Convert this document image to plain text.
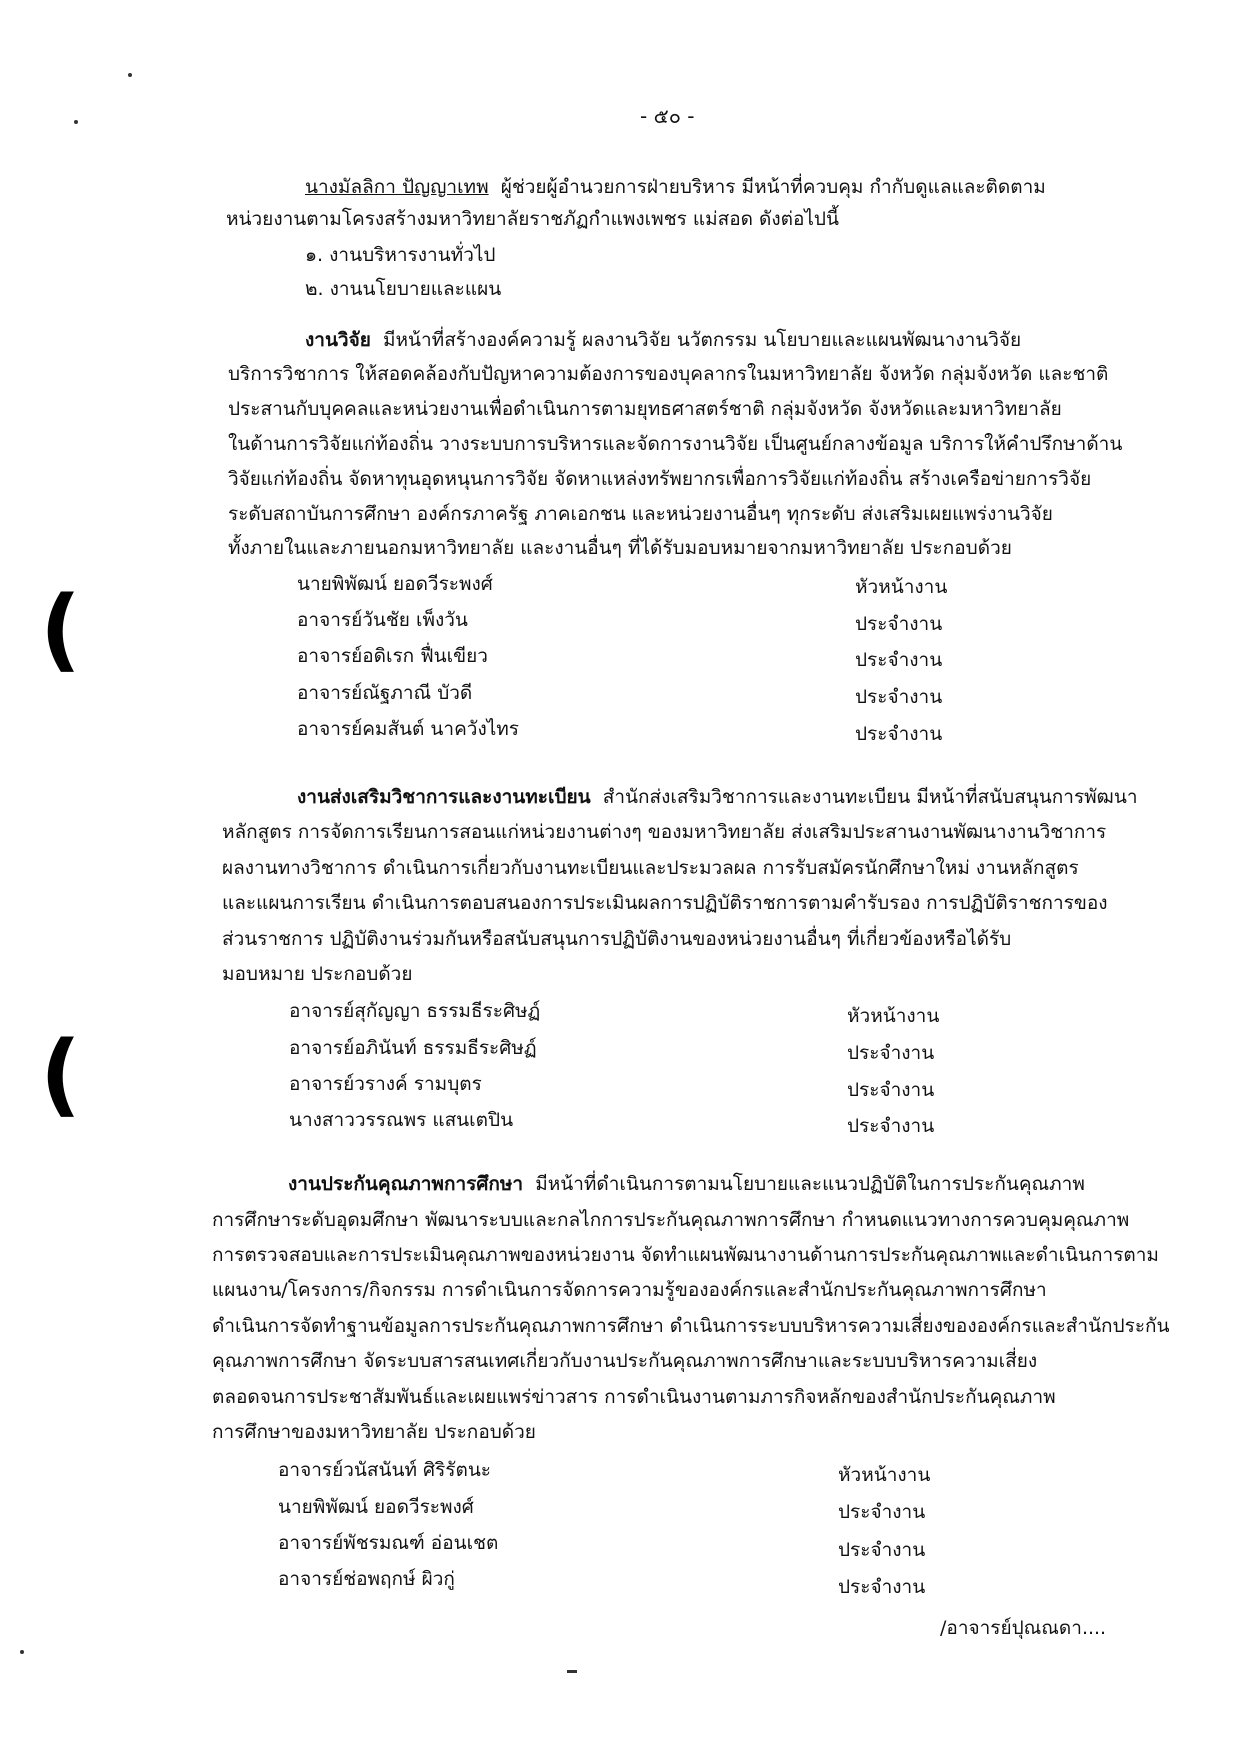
(
(
- ๕๐ -
นางมัลลิกา ปัญญาเทพ ผู้ช่วยผู้อำนวยการฝ่ายบริหาร มีหน้าที่ควบคุม กำกับดูแลและติดตาม
หน่วยงานตามโครงสร้างมหาวิทยาลัยราชภัฏกำแพงเพชร แม่สอด ดังต่อไปนี้
๑. งานบริหารงานทั่วไป
๒. งานนโยบายและแผน
งานวิจัย มีหน้าที่สร้างองค์ความรู้ ผลงานวิจัย นวัตกรรม นโยบายและแผนพัฒนางานวิจัย
บริการวิชาการ ให้สอดคล้องกับปัญหาความต้องการของบุคลากรในมหาวิทยาลัย จังหวัด กลุ่มจังหวัด และชาติ
ประสานกับบุคคลและหน่วยงานเพื่อดำเนินการตามยุทธศาสตร์ชาติ กลุ่มจังหวัด จังหวัดและมหาวิทยาลัย
ในด้านการวิจัยแก่ท้องถิ่น วางระบบการบริหารและจัดการงานวิจัย เป็นศูนย์กลางข้อมูล บริการให้คำปรึกษาด้าน
วิจัยแก่ท้องถิ่น จัดหาทุนอุดหนุนการวิจัย จัดหาแหล่งทรัพยากรเพื่อการวิจัยแก่ท้องถิ่น สร้างเครือข่ายการวิจัย
ระดับสถาบันการศึกษา องค์กรภาครัฐ ภาคเอกชน และหน่วยงานอื่นๆ ทุกระดับ ส่งเสริมเผยแพร่งานวิจัย
ทั้งภายในและภายนอกมหาวิทยาลัย และงานอื่นๆ ที่ได้รับมอบหมายจากมหาวิทยาลัย ประกอบด้วย
นายพิพัฒน์ ยอดวีระพงศ์	หัวหน้างาน
อาจารย์วันชัย เพ็งวัน	ประจำงาน
อาจารย์อดิเรก ฟื่นเขียว	ประจำงาน
อาจารย์ณัฐภาณี บัวดี	ประจำงาน
อาจารย์คมสันต์ นาควังไทร	ประจำงาน
งานส่งเสริมวิชาการและงานทะเบียน สำนักส่งเสริมวิชาการและงานทะเบียน มีหน้าที่สนับสนุนการพัฒนา
หลักสูตร การจัดการเรียนการสอนแก่หน่วยงานต่างๆ ของมหาวิทยาลัย ส่งเสริมประสานงานพัฒนางานวิชาการ
ผลงานทางวิชาการ ดำเนินการเกี่ยวกับงานทะเบียนและประมวลผล การรับสมัครนักศึกษาใหม่ งานหลักสูตร
และแผนการเรียน ดำเนินการตอบสนองการประเมินผลการปฏิบัติราชการตามคำรับรอง การปฏิบัติราชการของ
ส่วนราชการ ปฏิบัติงานร่วมกันหรือสนับสนุนการปฏิบัติงานของหน่วยงานอื่นๆ ที่เกี่ยวข้องหรือได้รับ
มอบหมาย ประกอบด้วย
อาจารย์สุกัญญา ธรรมธีระศิษฏ์	หัวหน้างาน
อาจารย์อภินันท์ ธรรมธีระศิษฏ์	ประจำงาน
อาจารย์วรางค์ รามบุตร	ประจำงาน
นางสาววรรณพร แสนเตปิน	ประจำงาน
งานประกันคุณภาพการศึกษา มีหน้าที่ดำเนินการตามนโยบายและแนวปฏิบัติในการประกันคุณภาพ
การศึกษาระดับอุดมศึกษา พัฒนาระบบและกลไกการประกันคุณภาพการศึกษา กำหนดแนวทางการควบคุมคุณภาพ
การตรวจสอบและการประเมินคุณภาพของหน่วยงาน จัดทำแผนพัฒนางานด้านการประกันคุณภาพและดำเนินการตาม
แผนงาน/โครงการ/กิจกรรม การดำเนินการจัดการความรู้ขององค์กรและสำนักประกันคุณภาพการศึกษา
ดำเนินการจัดทำฐานข้อมูลการประกันคุณภาพการศึกษา ดำเนินการระบบบริหารความเสี่ยงขององค์กรและสำนักประกัน
คุณภาพการศึกษา จัดระบบสารสนเทศเกี่ยวกับงานประกันคุณภาพการศึกษาและระบบบริหารความเสี่ยง
ตลอดจนการประชาสัมพันธ์และเผยแพร่ข่าวสาร การดำเนินงานตามภารกิจหลักของสำนักประกันคุณภาพ
การศึกษาของมหาวิทยาลัย ประกอบด้วย
อาจารย์วนัสนันท์ ศิริรัตนะ	หัวหน้างาน
นายพิพัฒน์ ยอดวีระพงศ์	ประจำงาน
อาจารย์พัชรมณฑ์ อ่อนเชต	ประจำงาน
อาจารย์ช่อพฤกษ์ ผิวกู่	ประจำงาน
/อาจารย์ปุณณดา....
